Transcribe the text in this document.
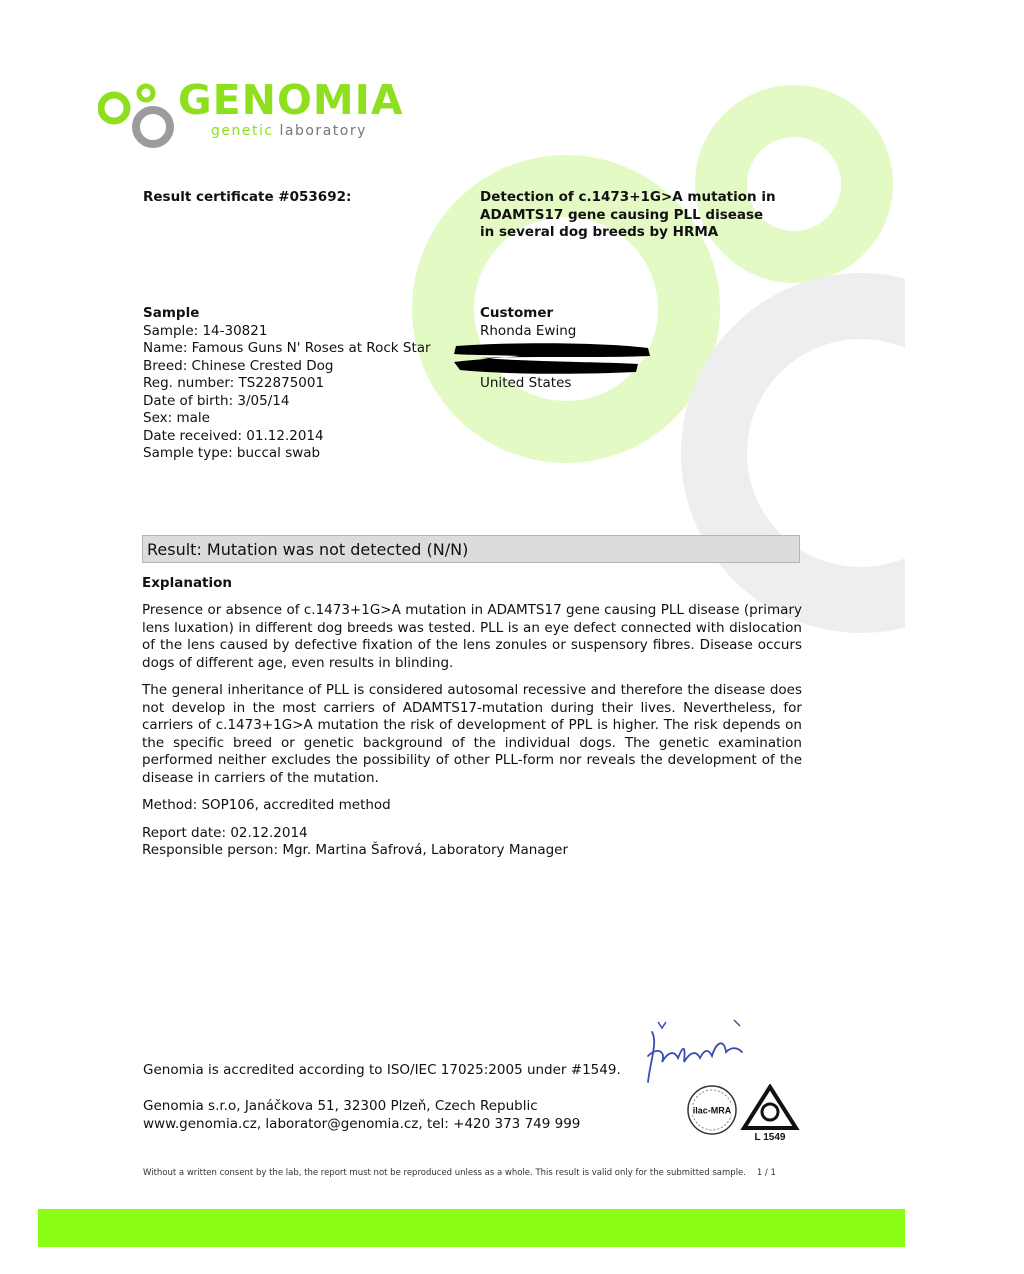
GENOMIA
genetic laboratory
Result certificate #053692:	Detection of c.1473+1G>A mutation in ADAMTS17 gene causing PLL disease in several dog breeds by HRMA
Sample
Sample: 14-30821
Name: Famous Guns N' Roses at Rock Star
Breed: Chinese Crested Dog
Reg. number: TS22875001
Date of birth: 3/05/14
Sex: male
Date received: 01.12.2014
Sample type: buccal swab
Customer
Rhonda Ewing
United States
Result: Mutation was not detected (N/N)
Explanation

Presence or absence of c.1473+1G>A mutation in ADAMTS17 gene causing PLL disease (primary lens luxation) in different dog breeds was tested. PLL is an eye defect connected with dislocation of the lens caused by defective fixation of the lens zonules or suspensory fibres. Disease occurs dogs of different age, even results in blinding.

The general inheritance of PLL is considered autosomal recessive and therefore the disease does not develop in the most carriers of ADAMTS17-mutation during their lives. Nevertheless, for carriers of c.1473+1G>A mutation the risk of development of PPL is higher. The risk depends on the specific breed or genetic background of the individual dogs. The genetic examination performed neither excludes the possibility of other PLL-form nor reveals the development of the disease in carriers of the mutation.

Method: SOP106, accredited method

Report date: 02.12.2014

Responsible person: Mgr. Martina Šafrová, Laboratory Manager

Genomia is accredited according to ISO/IEC 17025:2005 under #1549.
Genomia s.r.o, Janáčkova 51, 32300 Plzeň, Czech Republic
www.genomia.cz, laborator@genomia.cz, tel: +420 373 749 999
ilac-MRA
L 1549
Without a written consent by the lab, the report must not be reproduced unless as a whole. This result is valid only for the submitted sample. 1 / 1
